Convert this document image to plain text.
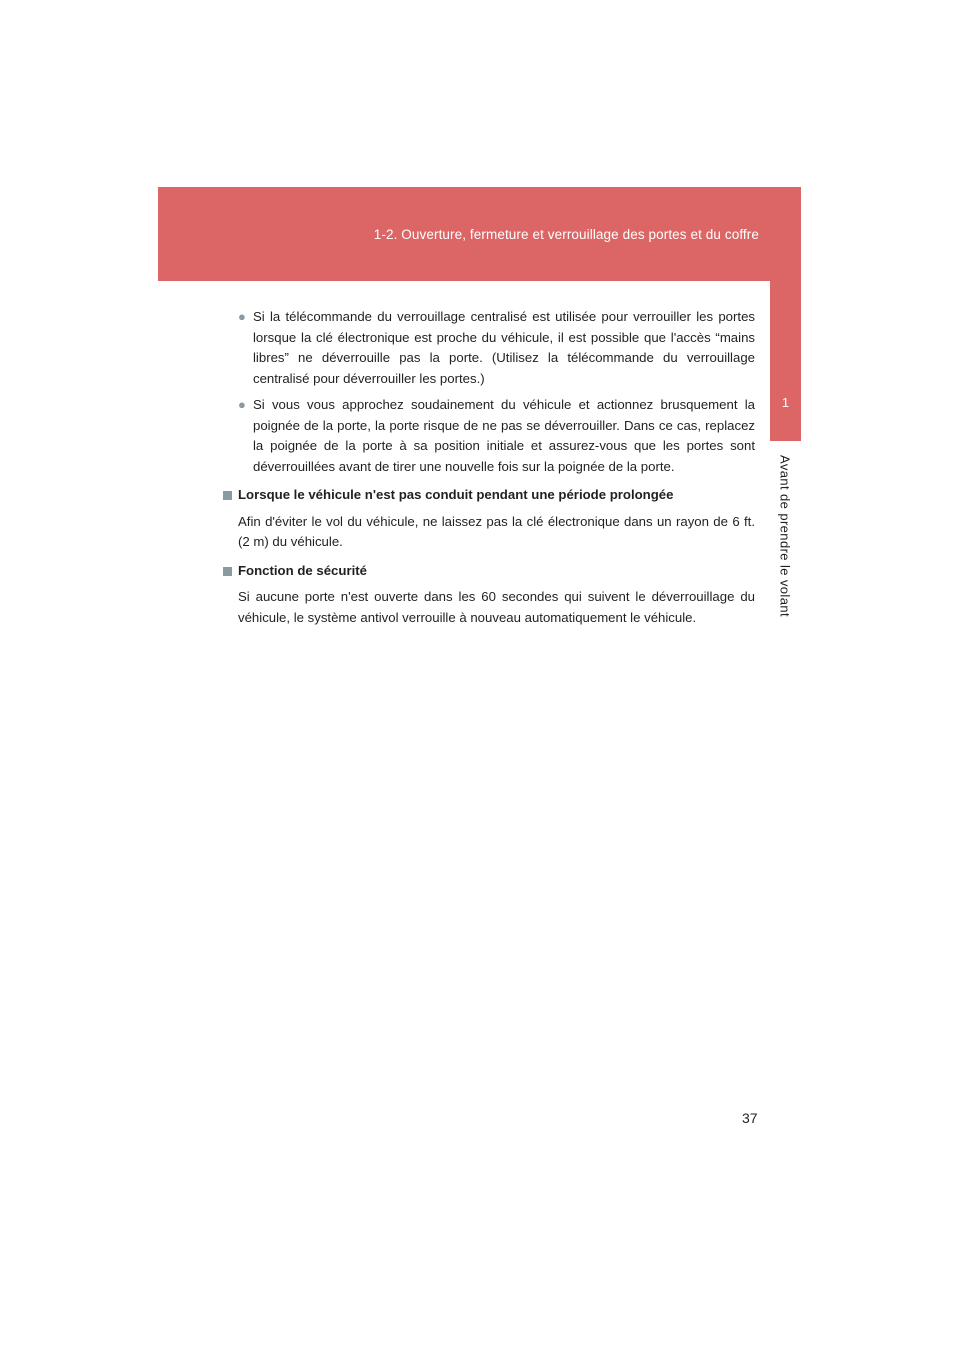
1-2. Ouverture, fermeture et verrouillage des portes et du coffre
1
Avant de prendre le volant
● Si la télécommande du verrouillage centralisé est utilisée pour verrouiller les portes lorsque la clé électronique est proche du véhicule, il est possible que l'accès “mains libres” ne déverrouille pas la porte. (Utilisez la télécommande du verrouillage centralisé pour déverrouiller les portes.)
● Si vous vous approchez soudainement du véhicule et actionnez brusquement la poignée de la porte, la porte risque de ne pas se déverrouiller. Dans ce cas, replacez la poignée de la porte à sa position initiale et assurez-vous que les portes sont déverrouillées avant de tirer une nouvelle fois sur la poignée de la porte.
Lorsque le véhicule n'est pas conduit pendant une période prolongée
Afin d'éviter le vol du véhicule, ne laissez pas la clé électronique dans un rayon de 6 ft. (2 m) du véhicule.
Fonction de sécurité
Si aucune porte n'est ouverte dans les 60 secondes qui suivent le déverrouillage du véhicule, le système antivol verrouille à nouveau automatiquement le véhicule.
37
